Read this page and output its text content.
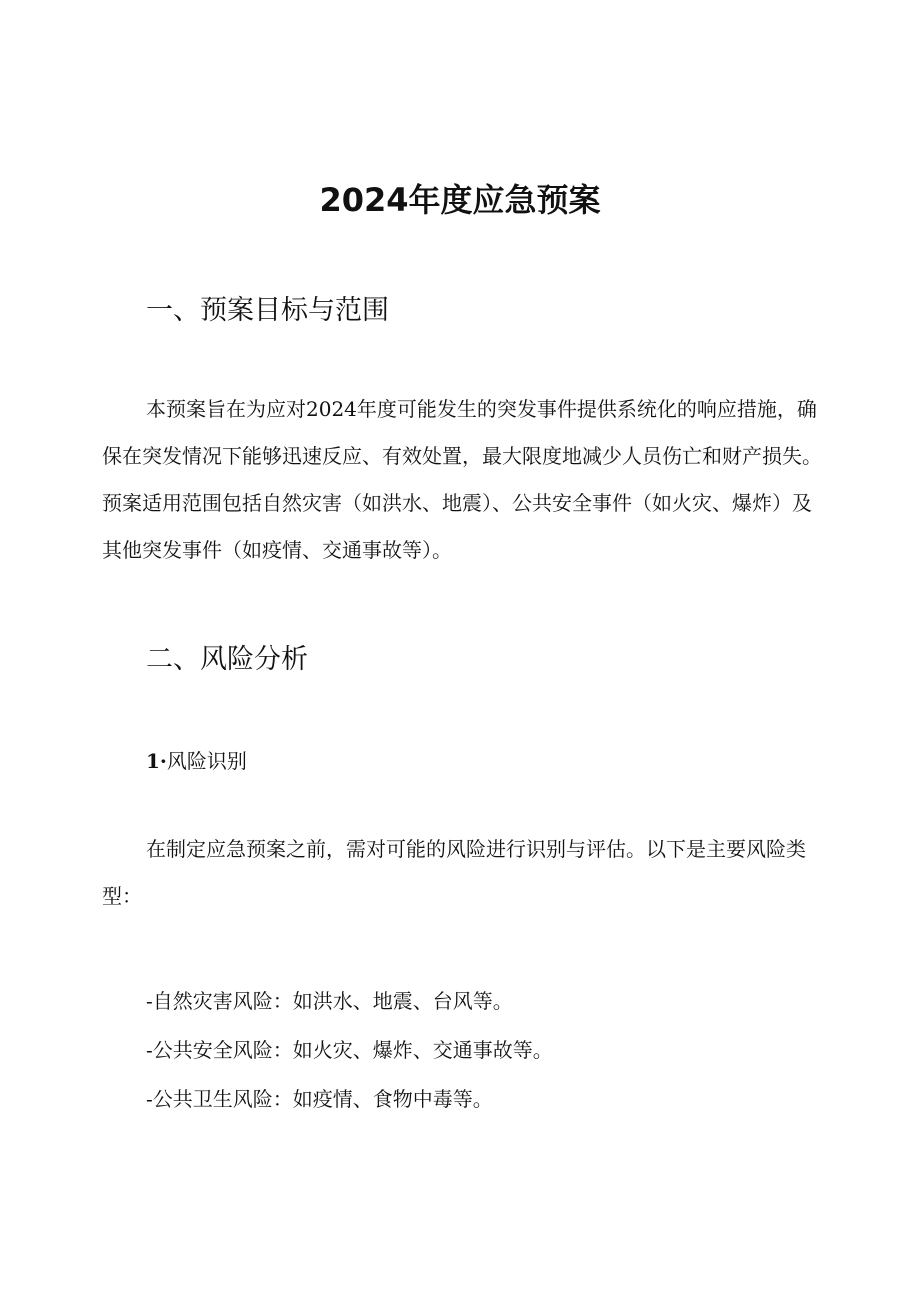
2024年度应急预案
一、预案目标与范围

本预案旨在为应对2024年度可能发生的突发事件提供系统化的响应措施，确保在突发情况下能够迅速反应、有效处置，最大限度地减少人员伤亡和财产损失。预案适用范围包括自然灾害（如洪水、地震）、公共安全事件（如火灾、爆炸）及其他突发事件（如疫情、交通事故等）。

二、风险分析
1·风险识别

在制定应急预案之前，需对可能的风险进行识别与评估。以下是主要风险类型：

-自然灾害风险：如洪水、地震、台风等。
-公共安全风险：如火灾、爆炸、交通事故等。
-公共卫生风险：如疫情、食物中毒等。
